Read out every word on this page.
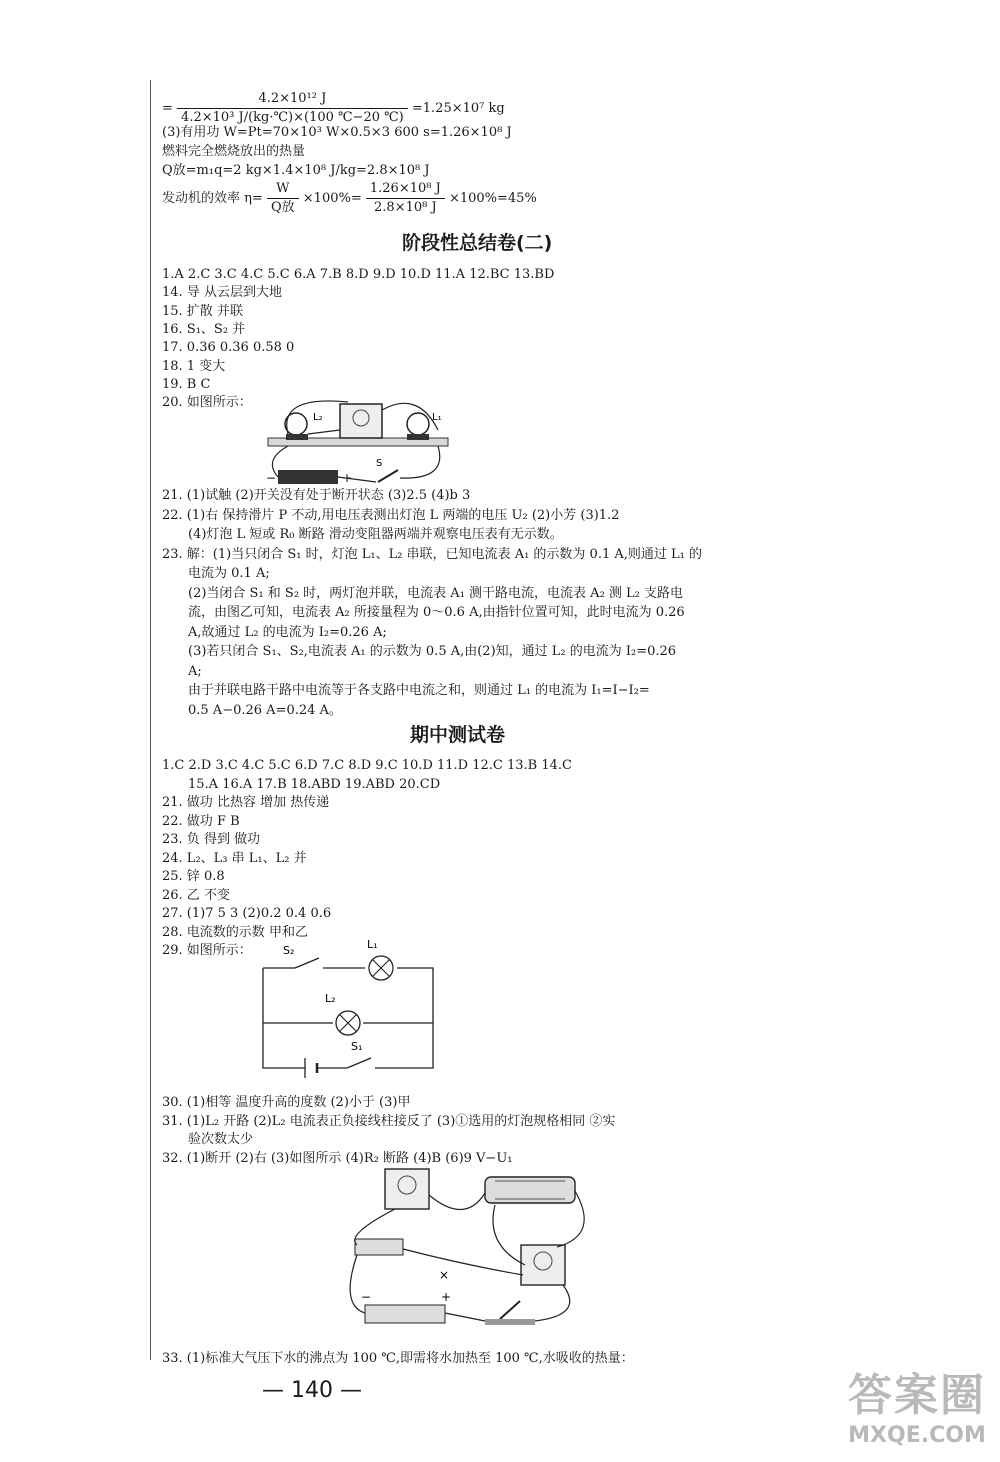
= $\frac{\text{4.2×10¹² J}}{\text{4.2×10³ J/(kg·℃)×(100 ℃−20 ℃)}} =1.25\times 10^7$ kg
(3)有用功 W=Pt=70×10³ W×0.5×3 600 s=1.26×10⁸ J
燃料完全燃烧放出的热量
Q放=m₁q=2 kg×1.4×10⁸ J/kg=2.8×10⁸ J
发动机的效率 $\eta= \frac{W}{\text{Q放}} \times 100\%= \frac{\text{1.26×10⁸ J}}{\text{2.8×10⁸ J}} \times 100\%=45\%$
阶段性总结卷(二)
1.A 2.C 3.C 4.C 5.C 6.A 7.B 8.D 9.D 10.D 11.A 12.BC 13.BD
14. 导 从云层到大地
15. 扩散 并联
16. S₁、S₂ 并
17. 0.36 0.36 0.58 0
18. 1 变大
19. B C
20. 如图所示：
L₂	L₁
−	+
S
21. (1)试触 (2)开关没有处于断开状态 (3)2.5 (4)b 3
22. (1)右 保持滑片 P 不动,用电压表测出灯泡 L 两端的电压 U₂ (2)小芳 (3)1.2
(4)灯泡 L 短或 R₀ 断路 滑动变阻器两端并观察电压表有无示数。
23. 解：(1)当只闭合 S₁ 时，灯泡 L₁、L₂ 串联，已知电流表 A₁ 的示数为 0.1 A,则通过 L₁ 的
电流为 0.1 A;
(2)当闭合 S₁ 和 S₂ 时，两灯泡并联，电流表 A₁ 测干路电流，电流表 A₂ 测 L₂ 支路电
流，由图乙可知，电流表 A₂ 所接量程为 0～0.6 A,由指针位置可知，此时电流为 0.26
A,故通过 L₂ 的电流为 I₂=0.26 A;
(3)若只闭合 S₁、S₂,电流表 A₁ 的示数为 0.5 A,由(2)知，通过 L₂ 的电流为 I₂=0.26
A;
由于并联电路干路中电流等于各支路中电流之和，则通过 L₁ 的电流为 I₁=I−I₂=
0.5 A−0.26 A=0.24 A。
期中测试卷
1.C 2.D 3.C 4.C 5.C 6.D 7.C 8.D 9.C 10.D 11.D 12.C 13.B 14.C
15.A 16.A 17.B 18.ABD 19.ABD 20.CD
21. 做功 比热容 增加 热传递
22. 做功 F B
23. 负 得到 做功
24. L₂、L₃ 串 L₁、L₂ 并
25. 锌 0.8
26. 乙 不变
27. (1)7 5 3 (2)0.2 0.4 0.6
28. 电流数的示数 甲和乙
29. 如图所示：	S₂	L₁
L₂
S₁
30. (1)相等 温度升高的度数 (2)小于 (3)甲
31. (1)L₂ 开路 (2)L₂ 电流表正负接线柱接反了 (3)①选用的灯泡规格相同 ②实
验次数太少
32. (1)断开 (2)右 (3)如图所示 (4)R₂ 断路 (4)B (6)9 V−U₁
−	+
×
33. (1)标准大气压下水的沸点为 100 ℃,即需将水加热至 100 ℃,水吸收的热量：
— 140 —	答案圈
MXQE.COM
